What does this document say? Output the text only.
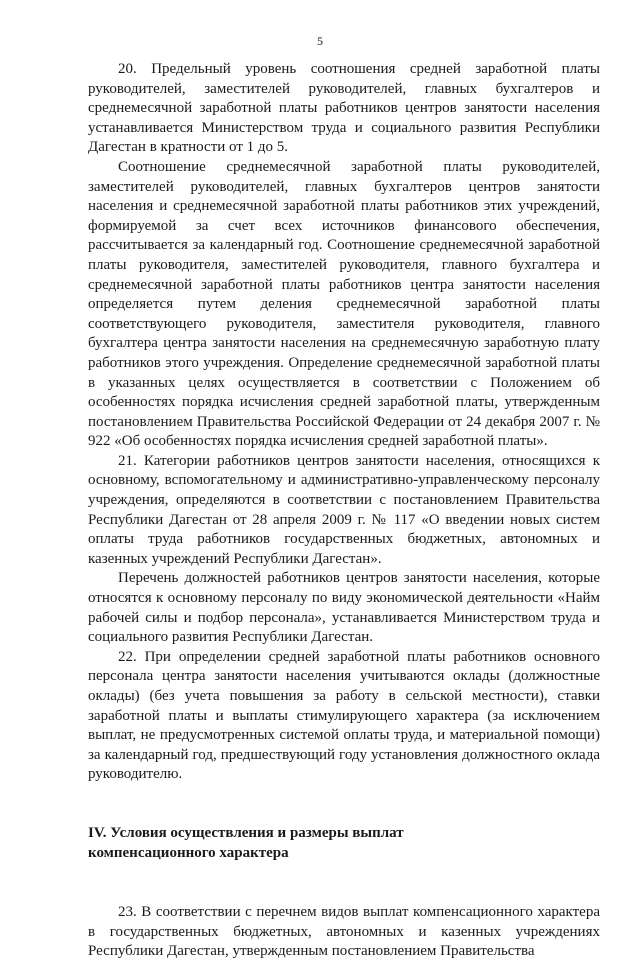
5

20. Предельный уровень соотношения средней заработной платы руководителей, заместителей руководителей, главных бухгалтеров и среднемесячной заработной платы работников центров занятости населения устанавливается Министерством труда и социального развития Республики Дагестан в кратности от 1 до 5.

Соотношение среднемесячной заработной платы руководителей, заместителей руководителей, главных бухгалтеров центров занятости населения и среднемесячной заработной платы работников этих учреждений, формируемой за счет всех источников финансового обеспечения, рассчитывается за календарный год. Соотношение среднемесячной заработной платы руководителя, заместителей руководителя, главного бухгалтера и среднемесячной заработной платы работников центра занятости населения определяется путем деления среднемесячной заработной платы соответствующего руководителя, заместителя руководителя, главного бухгалтера центра занятости населения на среднемесячную заработную плату работников этого учреждения. Определение среднемесячной заработной платы в указанных целях осуществляется в соответствии с Положением об особенностях порядка исчисления средней заработной платы, утвержденным постановлением Правительства Российской Федерации от 24 декабря 2007 г. № 922 «Об особенностях порядка исчисления средней заработной платы».

21. Категории работников центров занятости населения, относящихся к основному, вспомогательному и административно-управленческому персоналу учреждения, определяются в соответствии с постановлением Правительства Республики Дагестан от 28 апреля 2009 г. № 117 «О введении новых систем оплаты труда работников государственных бюджетных, автономных и казенных учреждений Республики Дагестан».

Перечень должностей работников центров занятости населения, которые относятся к основному персоналу по виду экономической деятельности «Найм рабочей силы и подбор персонала», устанавливается Министерством труда и социального развития Республики Дагестан.

22. При определении средней заработной платы работников основного персонала центра занятости населения учитываются оклады (должностные оклады) (без учета повышения за работу в сельской местности), ставки заработной платы и выплаты стимулирующего характера (за исключением выплат, не предусмотренных системой оплаты труда, и материальной помощи) за календарный год, предшествующий году установления должностного оклада руководителю.

IV. Условия осуществления и размеры выплат
компенсационного характера

23. В соответствии с перечнем видов выплат компенсационного характера в государственных бюджетных, автономных и казенных учреждениях Республики Дагестан, утвержденным постановлением Правительства
